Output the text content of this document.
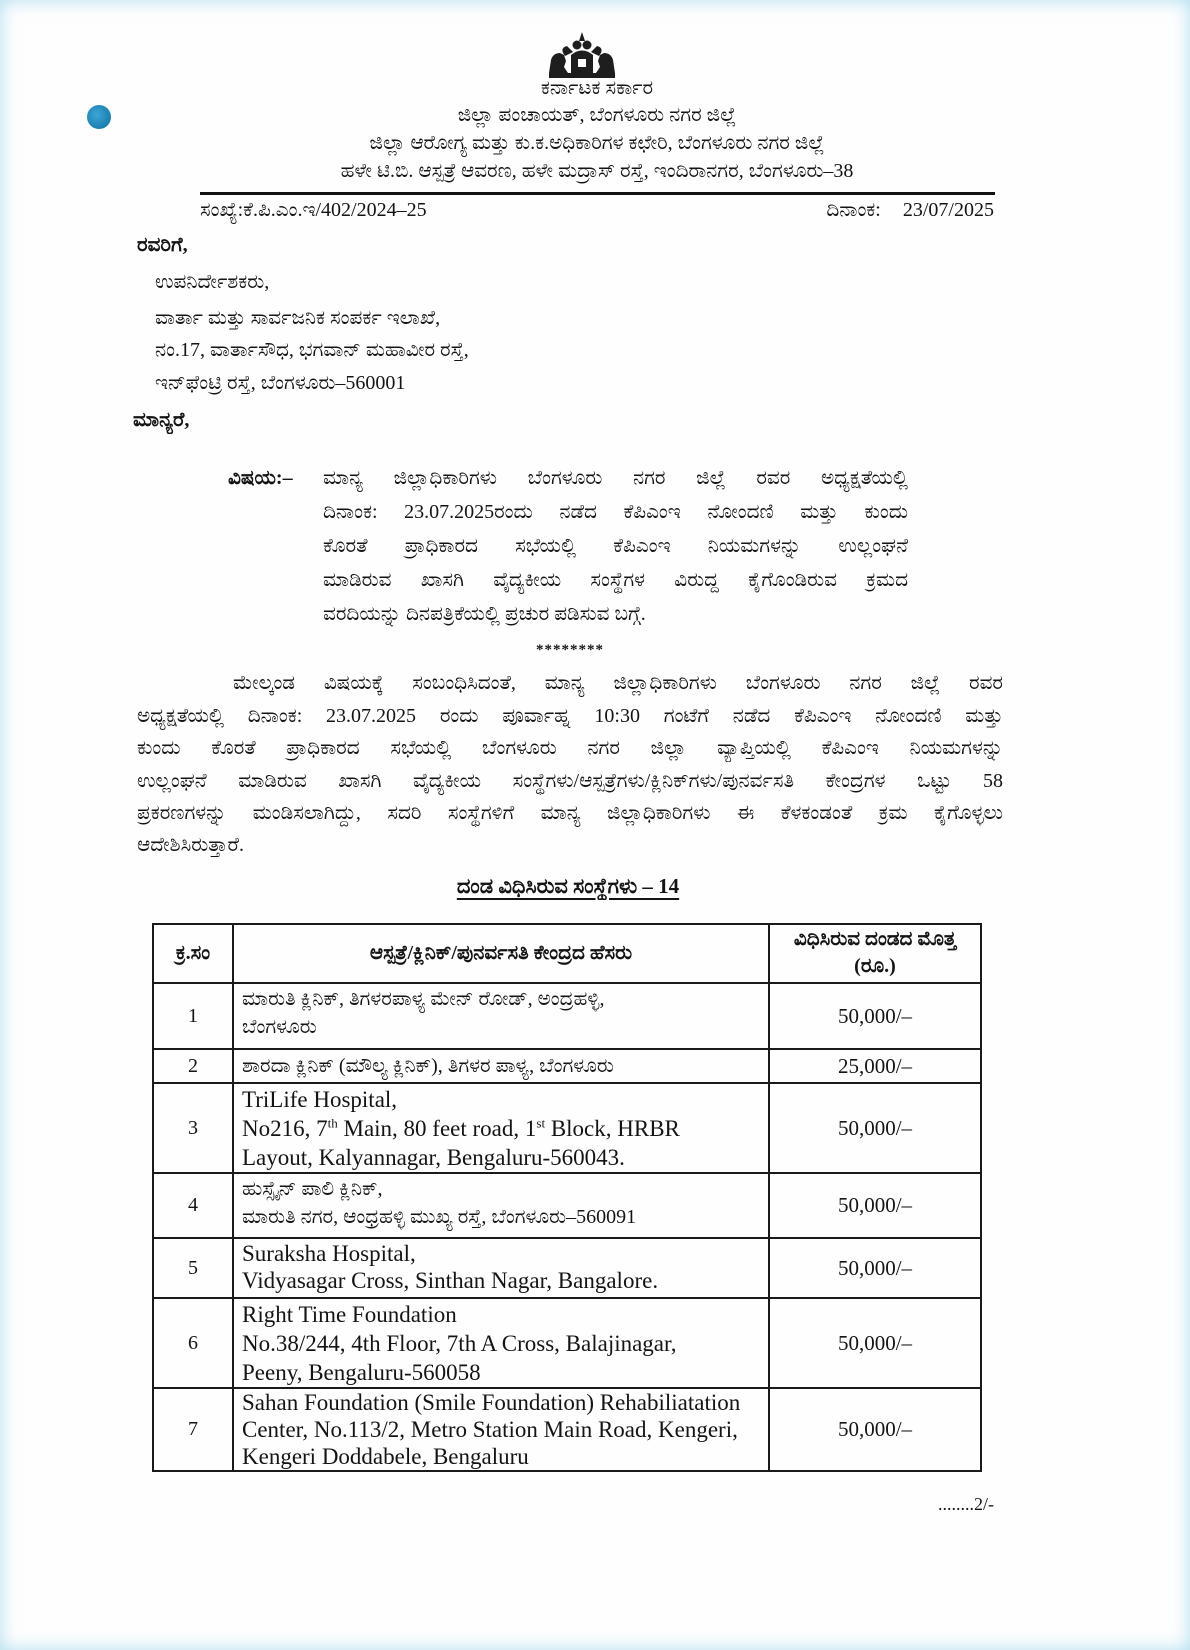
ಕರ್ನಾಟಕ ಸರ್ಕಾರ
ಜಿಲ್ಲಾ ಪಂಚಾಯತ್, ಬೆಂಗಳೂರು ನಗರ ಜಿಲ್ಲೆ
ಜಿಲ್ಲಾ ಆರೋಗ್ಯ ಮತ್ತು ಕು.ಕ.ಅಧಿಕಾರಿಗಳ ಕಛೇರಿ, ಬೆಂಗಳೂರು ನಗರ ಜಿಲ್ಲೆ
ಹಳೇ ಟಿ.ಬಿ. ಆಸ್ಪತ್ರೆ ಆವರಣ, ಹಳೇ ಮದ್ರಾಸ್ ರಸ್ತೆ, ಇಂದಿರಾನಗರ, ಬೆಂಗಳೂರು–38
ಸಂಖ್ಯೆ:ಕೆ.ಪಿ.ಎಂ.ಇ/402/2024–25	ದಿನಾಂಕ: 23/07/2025
ರವರಿಗೆ,
ಉಪನಿರ್ದೇಶಕರು,
ವಾರ್ತಾ ಮತ್ತು ಸಾರ್ವಜನಿಕ ಸಂಪರ್ಕ ಇಲಾಖೆ,
ನಂ.17, ವಾರ್ತಾಸೌಧ, ಭಗವಾನ್ ಮಹಾವೀರ ರಸ್ತೆ,
ಇನ್‌ಫೆಂಟ್ರಿ ರಸ್ತೆ, ಬೆಂಗಳೂರು–560001
ಮಾನ್ಯರೆ,
ವಿಷಯ:–	ಮಾನ್ಯ ಜಿಲ್ಲಾಧಿಕಾರಿಗಳು ಬೆಂಗಳೂರು ನಗರ ಜಿಲ್ಲೆ ರವರ ಅಧ್ಯಕ್ಷತೆಯಲ್ಲಿ
ದಿನಾಂಕ: 23.07.2025ರಂದು ನಡೆದ ಕೆಪಿಎಂಇ ನೋಂದಣಿ ಮತ್ತು ಕುಂದು
ಕೊರತೆ ಪ್ರಾಧಿಕಾರದ ಸಭೆಯಲ್ಲಿ ಕೆಪಿಎಂಇ ನಿಯಮಗಳನ್ನು ಉಲ್ಲಂಘನೆ
ಮಾಡಿರುವ ಖಾಸಗಿ ವೈದ್ಯಕೀಯ ಸಂಸ್ಥೆಗಳ ವಿರುದ್ದ ಕೈಗೊಂಡಿರುವ ಕ್ರಮದ
ವರದಿಯನ್ನು ದಿನಪತ್ರಿಕೆಯಲ್ಲಿ ಪ್ರಚುರ ಪಡಿಸುವ ಬಗ್ಗೆ.
********
ಮೇಲ್ಕಂಡ ವಿಷಯಕ್ಕೆ ಸಂಬಂಧಿಸಿದಂತೆ, ಮಾನ್ಯ ಜಿಲ್ಲಾಧಿಕಾರಿಗಳು ಬೆಂಗಳೂರು ನಗರ ಜಿಲ್ಲೆ ರವರ
ಅಧ್ಯಕ್ಷತೆಯಲ್ಲಿ ದಿನಾಂಕ: 23.07.2025 ರಂದು ಪೂರ್ವಾಹ್ನ 10:30 ಗಂಟೆಗೆ ನಡೆದ ಕೆಪಿಎಂಇ ನೋಂದಣಿ ಮತ್ತು
ಕುಂದು ಕೊರತೆ ಪ್ರಾಧಿಕಾರದ ಸಭೆಯಲ್ಲಿ ಬೆಂಗಳೂರು ನಗರ ಜಿಲ್ಲಾ ವ್ಯಾಪ್ತಿಯಲ್ಲಿ ಕೆಪಿಎಂಇ ನಿಯಮಗಳನ್ನು
ಉಲ್ಲಂಘನೆ ಮಾಡಿರುವ ಖಾಸಗಿ ವೈದ್ಯಕೀಯ ಸಂಸ್ಥೆಗಳು/ಆಸ್ಪತ್ರೆಗಳು/ಕ್ಲಿನಿಕ್‌ಗಳು/ಪುನರ್ವಸತಿ ಕೇಂದ್ರಗಳ ಒಟ್ಟು 58
ಪ್ರಕರಣಗಳನ್ನು ಮಂಡಿಸಲಾಗಿದ್ದು, ಸದರಿ ಸಂಸ್ಥೆಗಳಿಗೆ ಮಾನ್ಯ ಜಿಲ್ಲಾಧಿಕಾರಿಗಳು ಈ ಕೆಳಕಂಡಂತೆ ಕ್ರಮ ಕೈಗೊಳ್ಳಲು
ಆದೇಶಿಸಿರುತ್ತಾರೆ.
ದಂಡ ವಿಧಿಸಿರುವ ಸಂಸ್ಥೆಗಳು – 14
ಕ್ರ.ಸಂ	ಆಸ್ಪತ್ರೆ/ಕ್ಲಿನಿಕ್/ಪುನರ್ವಸತಿ ಕೇಂದ್ರದ ಹೆಸರು	ವಿಧಿಸಿರುವ ದಂಡದ ಮೊತ್ತ
(ರೂ.)

1	ಮಾರುತಿ ಕ್ಲಿನಿಕ್, ತಿಗಳರಪಾಳ್ಯ ಮೇನ್ ರೋಡ್, ಅಂದ್ರಹಳ್ಳಿ,
ಬೆಂಗಳೂರು	50,000/–

2	ಶಾರದಾ ಕ್ಲಿನಿಕ್ (ಮೌಲ್ಯ ಕ್ಲಿನಿಕ್), ತಿಗಳರ ಪಾಳ್ಯ, ಬೆಂಗಳೂರು	25,000/–

3	TriLife Hospital,
No216, 7th Main, 80 feet road, 1st Block, HRBR
Layout, Kalyannagar, Bengaluru-560043.	50,000/–

4	ಹುಸ್ಸೈನ್ ಪಾಲಿ ಕ್ಲಿನಿಕ್,
ಮಾರುತಿ ನಗರ, ಆಂಧ್ರಹಳ್ಳಿ ಮುಖ್ಯ ರಸ್ತೆ, ಬೆಂಗಳೂರು–560091	50,000/–

5	Suraksha Hospital,
Vidyasagar Cross, Sinthan Nagar, Bangalore.	50,000/–

6	Right Time Foundation
No.38/244, 4th Floor, 7th A Cross, Balajinagar,
Peeny, Bengaluru-560058	50,000/–

7	Sahan Foundation (Smile Foundation) Rehabiliatation
Center, No.113/2, Metro Station Main Road, Kengeri,
Kengeri Doddabele, Bengaluru	50,000/–
........2/-
